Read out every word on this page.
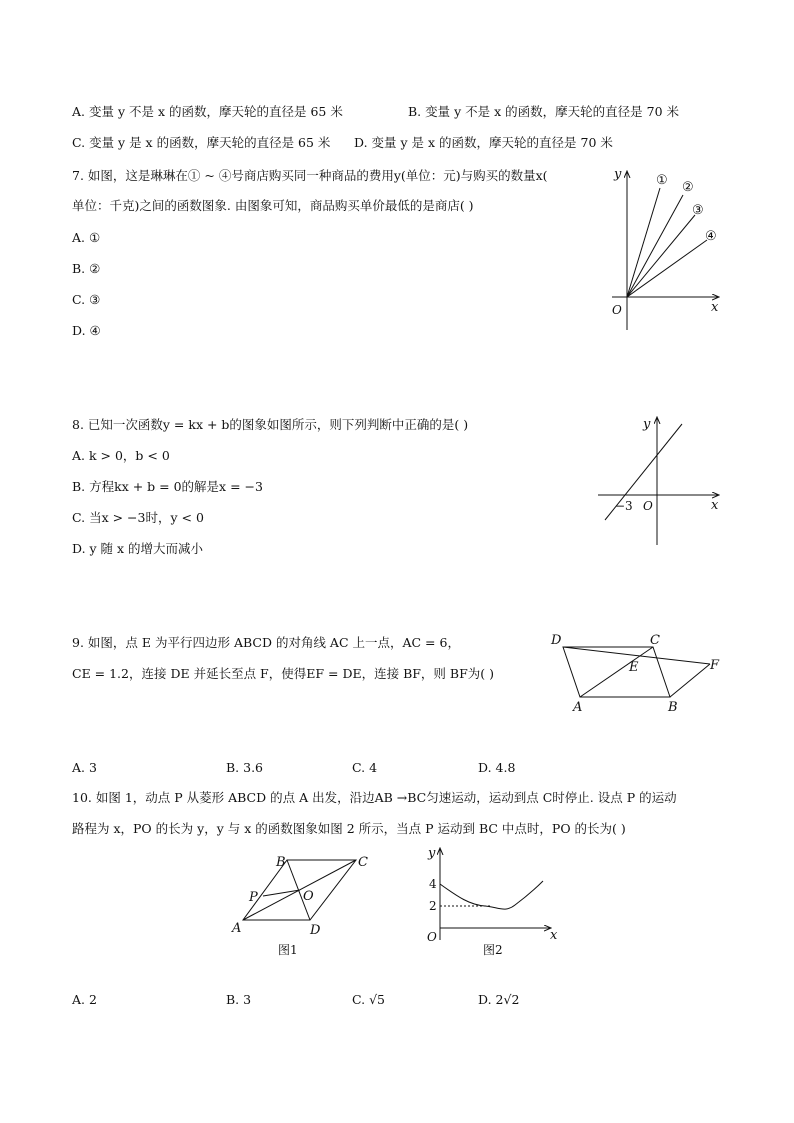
A. 变量 y 不是 x 的函数，摩天轮的直径是 65 米	B. 变量 y 不是 x 的函数，摩天轮的直径是 70 米
C. 变量 y 是 x 的函数，摩天轮的直径是 65 米 D. 变量 y 是 x 的函数，摩天轮的直径是 70 米
7. 如图，这是琳琳在① ~ ④号商店购买同一种商品的费用y(单位：元)与购买的数量x(
单位：千克)之间的函数图象. 由图象可知，商品购买单价最低的是商店( )
A. ①
B. ②
C. ③
D. ④
y
x
O
① ②
③
④
8. 已知一次函数y = kx + b的图象如图所示，则下列判断中正确的是( )
A. k > 0，b < 0
B. 方程kx + b = 0的解是x = −3
C. 当x > −3时，y < 0
D. y 随 x 的增大而减小
y
x
O
−3
9. 如图，点 E 为平行四边形 ABCD 的对角线 AC 上一点，AC = 6，
CE = 1.2，连接 DE 并延长至点 F，使得EF = DE，连接 BF，则 BF为( )
D	C
E	F
A	B
A. 3	B. 3.6	C. 4	D. 4.8
10. 如图 1，动点 P 从菱形 ABCD 的点 A 出发，沿边AB →BC匀速运动，运动到点 C时停止. 设点 P 的运动
路程为 x，PO 的长为 y，y 与 x 的函数图象如图 2 所示，当点 P 运动到 BC 中点时，PO 的长为( )
B	C
P	O
A	D
图1
y
x
O
4
2
图2
A. 2	B. 3	C. √5	D. 2√2
